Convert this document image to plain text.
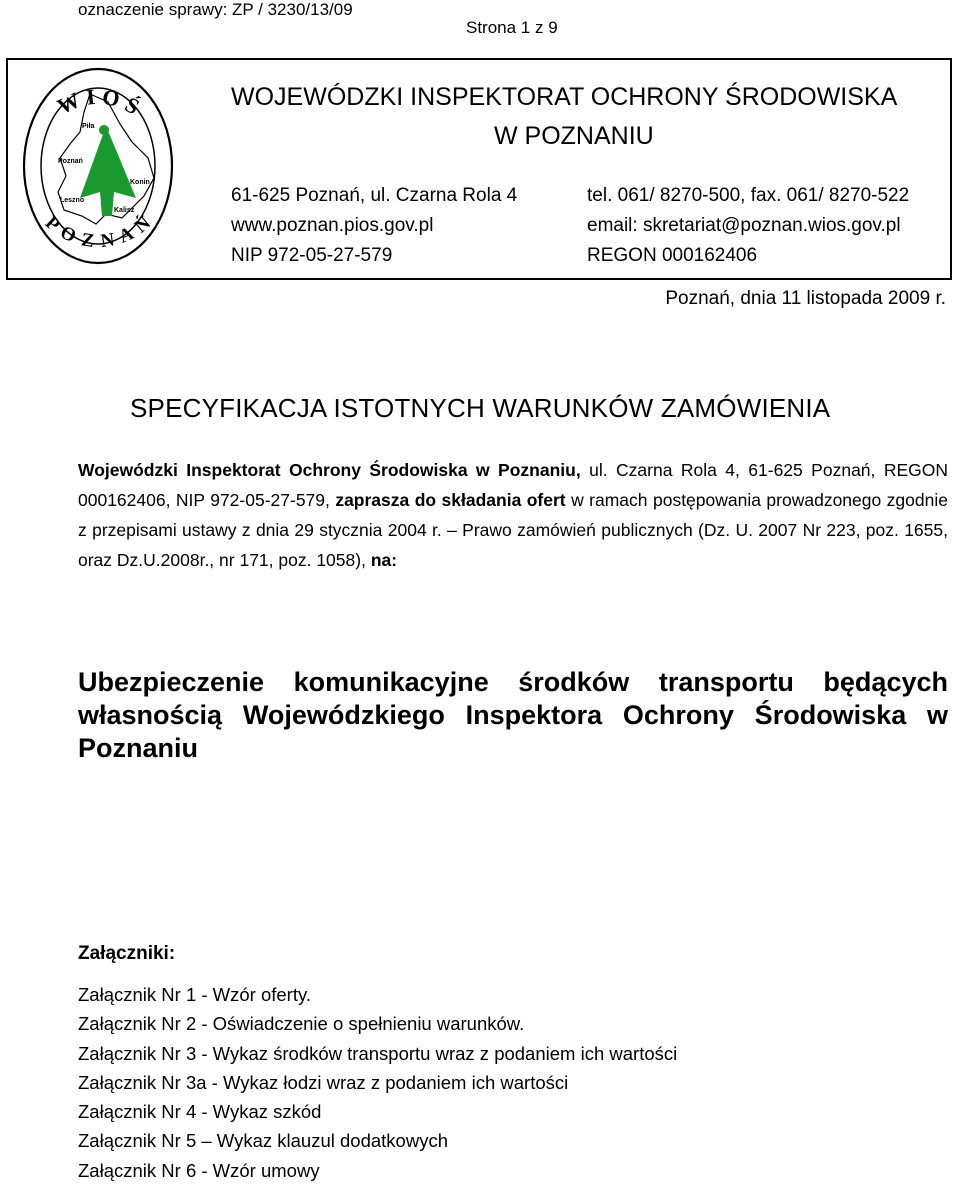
oznaczenie sprawy: ZP / 3230/13/09
Strona 1 z 9
Piła
Poznań
Konin
Leszno
Kalisz
W I O Ś
P O Z N A Ń
WOJEWÓDZKI INSPEKTORAT OCHRONY ŚRODOWISKA
W POZNANIU
61-625 Poznań, ul. Czarna Rola 4
www.poznan.pios.gov.pl
NIP 972-05-27-579
tel. 061/ 8270-500, fax. 061/ 8270-522
email: skretariat@poznan.wios.gov.pl
REGON 000162406
Poznań, dnia 11 listopada 2009 r.
SPECYFIKACJA ISTOTNYCH WARUNKÓW ZAMÓWIENIA
Wojewódzki Inspektorat Ochrony Środowiska w Poznaniu, ul. Czarna Rola 4, 61-625 Poznań, REGON 000162406, NIP 972-05-27-579, zaprasza do składania ofert w ramach postępowania prowadzonego zgodnie z przepisami ustawy z dnia 29 stycznia 2004 r. – Prawo zamówień publicznych (Dz. U. 2007 Nr 223, poz. 1655, oraz Dz.U.2008r., nr 171, poz. 1058), na:
Ubezpieczenie komunikacyjne środków transportu będących własnością Wojewódzkiego Inspektora Ochrony Środowiska w Poznaniu
Załączniki:
Załącznik Nr 1 - Wzór oferty.
Załącznik Nr 2 - Oświadczenie o spełnieniu warunków.
Załącznik Nr 3 - Wykaz środków transportu wraz z podaniem ich wartości
Załącznik Nr 3a - Wykaz łodzi wraz z podaniem ich wartości
Załącznik Nr 4 - Wykaz szkód
Załącznik Nr 5 – Wykaz klauzul dodatkowych
Załącznik Nr 6 - Wzór umowy
